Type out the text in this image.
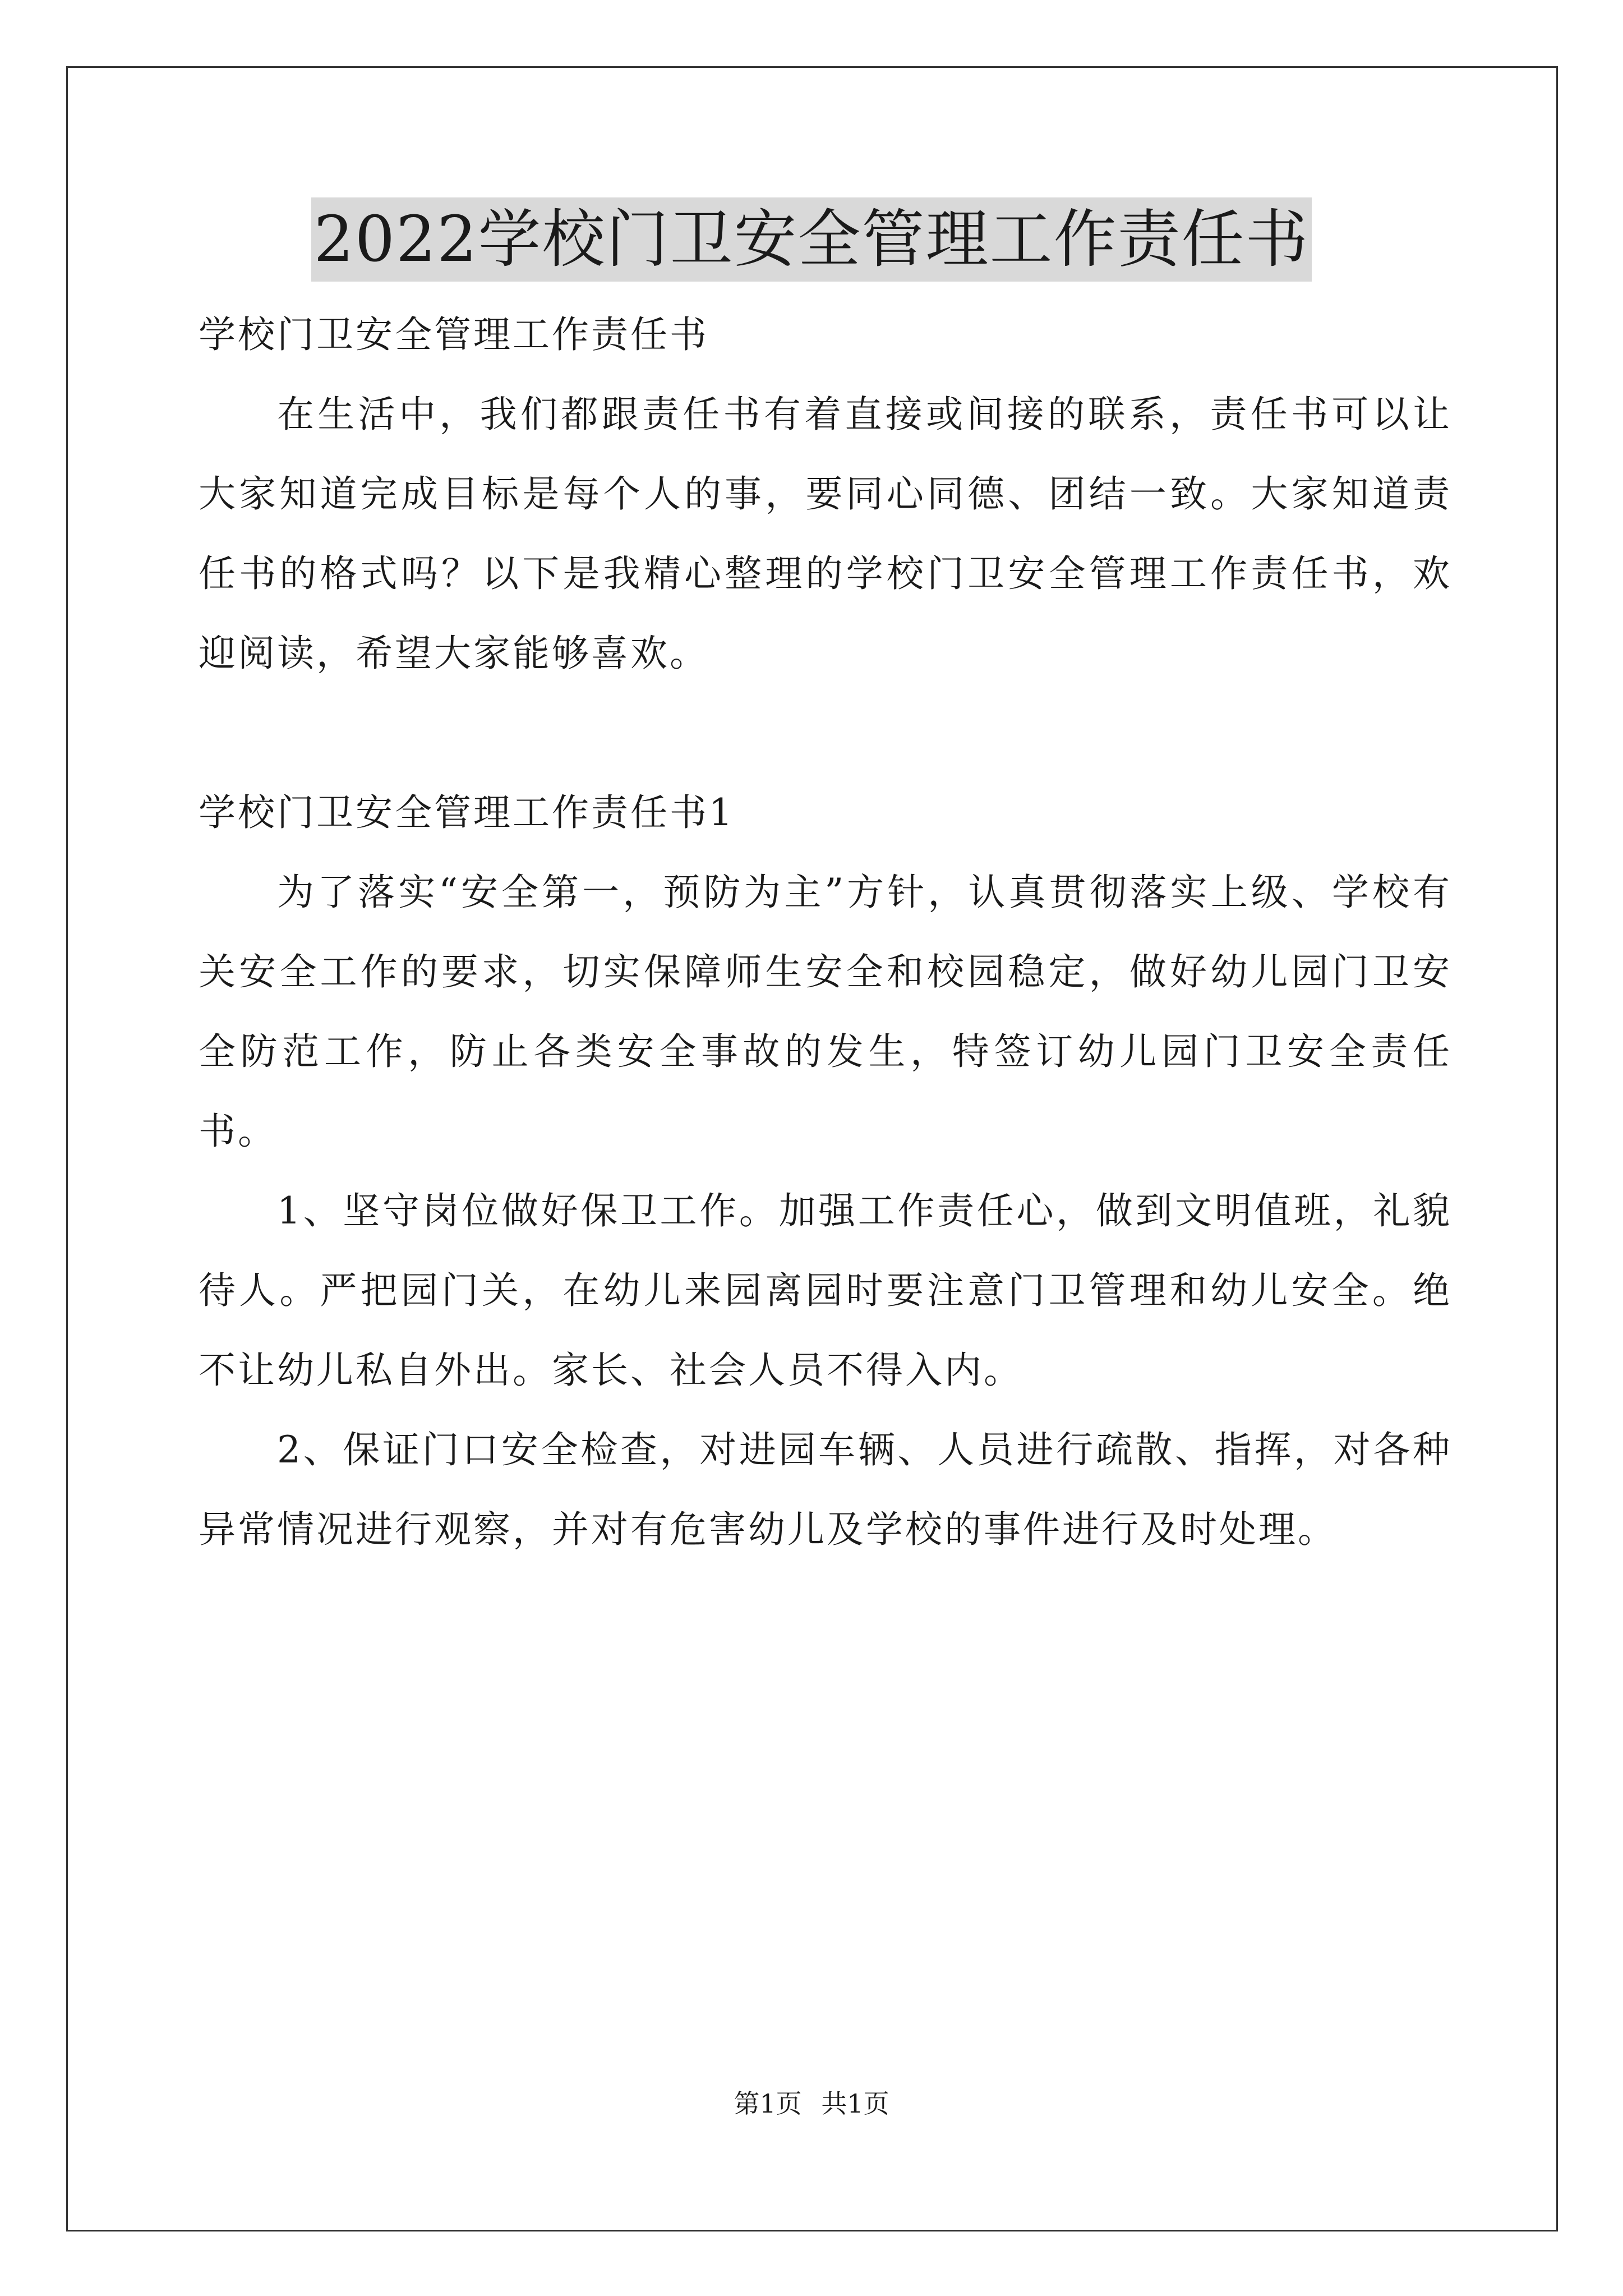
2022学校门卫安全管理工作责任书

学校门卫安全管理工作责任书

在生活中，我们都跟责任书有着直接或间接的联系，责任书可以让大家知道完成目标是每个人的事，要同心同德、团结一致。大家知道责任书的格式吗？以下是我精心整理的学校门卫安全管理工作责任书，欢迎阅读，希望大家能够喜欢。

学校门卫安全管理工作责任书1

为了落实“安全第一，预防为主”方针，认真贯彻落实上级、学校有关安全工作的要求，切实保障师生安全和校园稳定，做好幼儿园门卫安全防范工作，防止各类安全事故的发生，特签订幼儿园门卫安全责任书。

1、坚守岗位做好保卫工作。加强工作责任心，做到文明值班，礼貌待人。严把园门关，在幼儿来园离园时要注意门卫管理和幼儿安全。绝不让幼儿私自外出。家长、社会人员不得入内。

2、保证门口安全检查，对进园车辆、人员进行疏散、指挥，对各种异常情况进行观察，并对有危害幼儿及学校的事件进行及时处理。

第1页 共1页
